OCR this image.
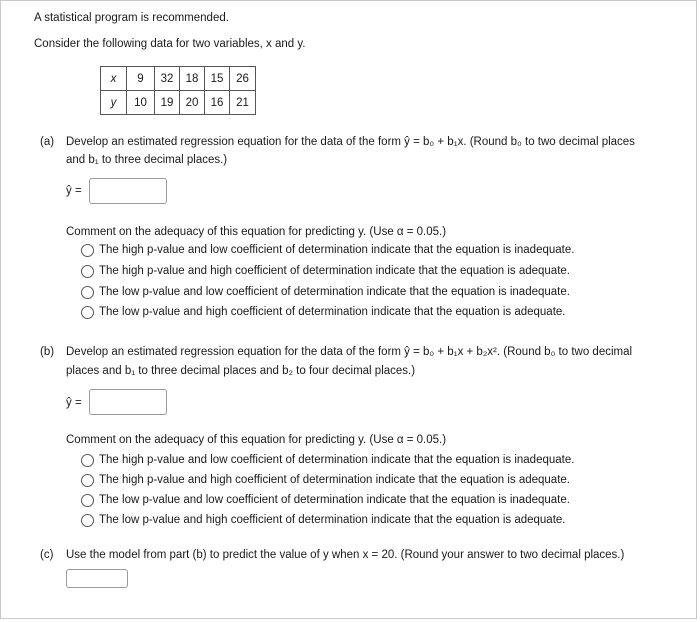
A statistical program is recommended.
Consider the following data for two variables, x and y.
x	9	32	18	15	26
y	10	19	20	16	21
(a) Develop an estimated regression equation for the data of the form ŷ = b₀ + b₁x. (Round b₀ to two decimal places
and b₁ to three decimal places.)
ŷ =
Comment on the adequacy of this equation for predicting y. (Use α = 0.05.)
The high p-value and low coefficient of determination indicate that the equation is inadequate.
The high p-value and high coefficient of determination indicate that the equation is adequate.
The low p-value and low coefficient of determination indicate that the equation is inadequate.
The low p-value and high coefficient of determination indicate that the equation is adequate.
(b) Develop an estimated regression equation for the data of the form ŷ = b₀ + b₁x + b₂x². (Round b₀ to two decimal
places and b₁ to three decimal places and b₂ to four decimal places.)
ŷ =
Comment on the adequacy of this equation for predicting y. (Use α = 0.05.)
The high p-value and low coefficient of determination indicate that the equation is inadequate.
The high p-value and high coefficient of determination indicate that the equation is adequate.
The low p-value and low coefficient of determination indicate that the equation is inadequate.
The low p-value and high coefficient of determination indicate that the equation is adequate.
(c) Use the model from part (b) to predict the value of y when x = 20. (Round your answer to two decimal places.)
